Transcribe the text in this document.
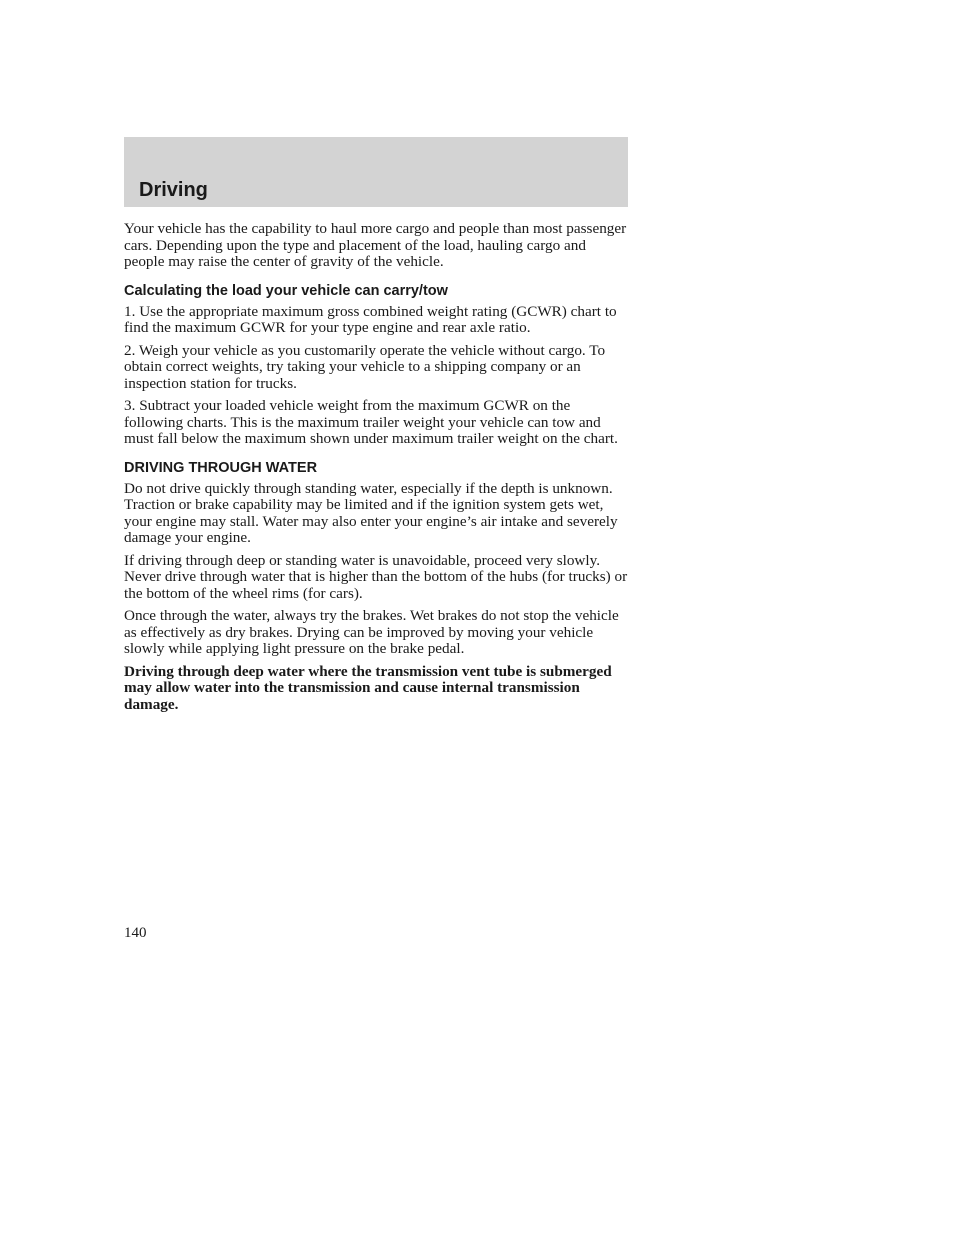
Driving

Your vehicle has the capability to haul more cargo and people than most passenger cars. Depending upon the type and placement of the load, hauling cargo and people may raise the center of gravity of the vehicle.

Calculating the load your vehicle can carry/tow

1. Use the appropriate maximum gross combined weight rating (GCWR) chart to find the maximum GCWR for your type engine and rear axle ratio.

2. Weigh your vehicle as you customarily operate the vehicle without cargo. To obtain correct weights, try taking your vehicle to a shipping company or an inspection station for trucks.

3. Subtract your loaded vehicle weight from the maximum GCWR on the following charts. This is the maximum trailer weight your vehicle can tow and must fall below the maximum shown under maximum trailer weight on the chart.

DRIVING THROUGH WATER

Do not drive quickly through standing water, especially if the depth is unknown. Traction or brake capability may be limited and if the ignition system gets wet, your engine may stall. Water may also enter your engine’s air intake and severely damage your engine.

If driving through deep or standing water is unavoidable, proceed very slowly. Never drive through water that is higher than the bottom of the hubs (for trucks) or the bottom of the wheel rims (for cars).

Once through the water, always try the brakes. Wet brakes do not stop the vehicle as effectively as dry brakes. Drying can be improved by moving your vehicle slowly while applying light pressure on the brake pedal.

Driving through deep water where the transmission vent tube is submerged may allow water into the transmission and cause internal transmission damage.

140
